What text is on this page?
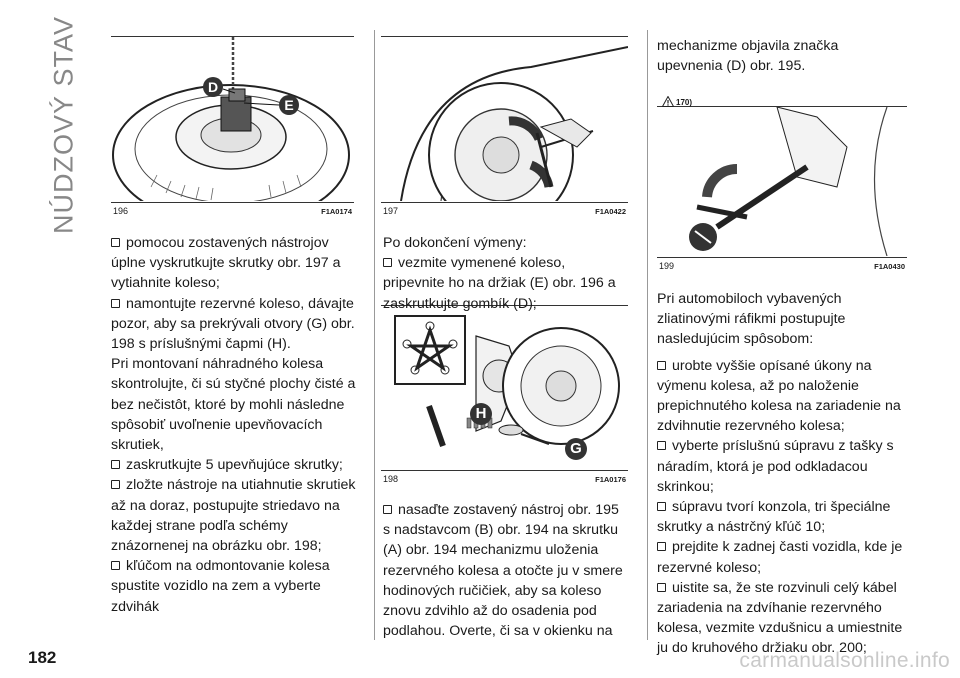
NÚDZOVÝ STAV	D
E
196	F1A0174	197	F1A0422
H
G
198	F1A0176
199	F1A0430

pomocou zostavených nástrojov úplne vyskrutkujte skrutky obr. 197 a vytiahnite koleso;

namontujte rezervné koleso, dávajte pozor, aby sa prekrývali otvory (G) obr. 198 s príslušnými čapmi (H).

Pri montovaní náhradného kolesa skontrolujte, či sú styčné plochy čisté a bez nečistôt, ktoré by mohli následne spôsobiť uvoľnenie upevňovacích skrutiek,

zaskrutkujte 5 upevňujúce skrutky;

zložte nástroje na utiahnutie skrutiek až na doraz, postupujte striedavo na každej strane podľa schémy znázornenej na obrázku obr. 198;

kľúčom na odmontovanie kolesa spustite vozidlo na zem a vyberte zdvihák

Po dokončení výmeny:

vezmite vymenené koleso, pripevnite ho na držiak (E) obr. 196 a zaskrutkujte gombík (D);

nasaďte zostavený nástroj obr. 195 s nadstavcom (B) obr. 194 na skrutku (A) obr. 194 mechanizmu uloženia rezervného kolesa a otočte ju v smere hodinových ručičiek, aby sa koleso znovu zdvihlo až do osadenia pod podlahou. Overte, či sa v okienku na

mechanizme objavila značka upevnenia (D) obr. 195.

170)

Pri automobiloch vybavených zliatinovými ráfikmi postupujte nasledujúcim spôsobom:

urobte vyššie opísané úkony na výmenu kolesa, až po naloženie prepichnutého kolesa na zariadenie na zdvihnutie rezervného kolesa;

vyberte príslušnú súpravu z tašky s náradím, ktorá je pod odkladacou skrinkou;

súpravu tvorí konzola, tri špeciálne skrutky a nástrčný kľúč 10;

prejdite k zadnej časti vozidla, kde je rezervné koleso;

uistite sa, že ste rozvinuli celý kábel zariadenia na zdvíhanie rezervného kolesa, vezmite vzdušnicu a umiestnite ju do kruhového držiaku obr. 200;

182	carmanualsonline.info
